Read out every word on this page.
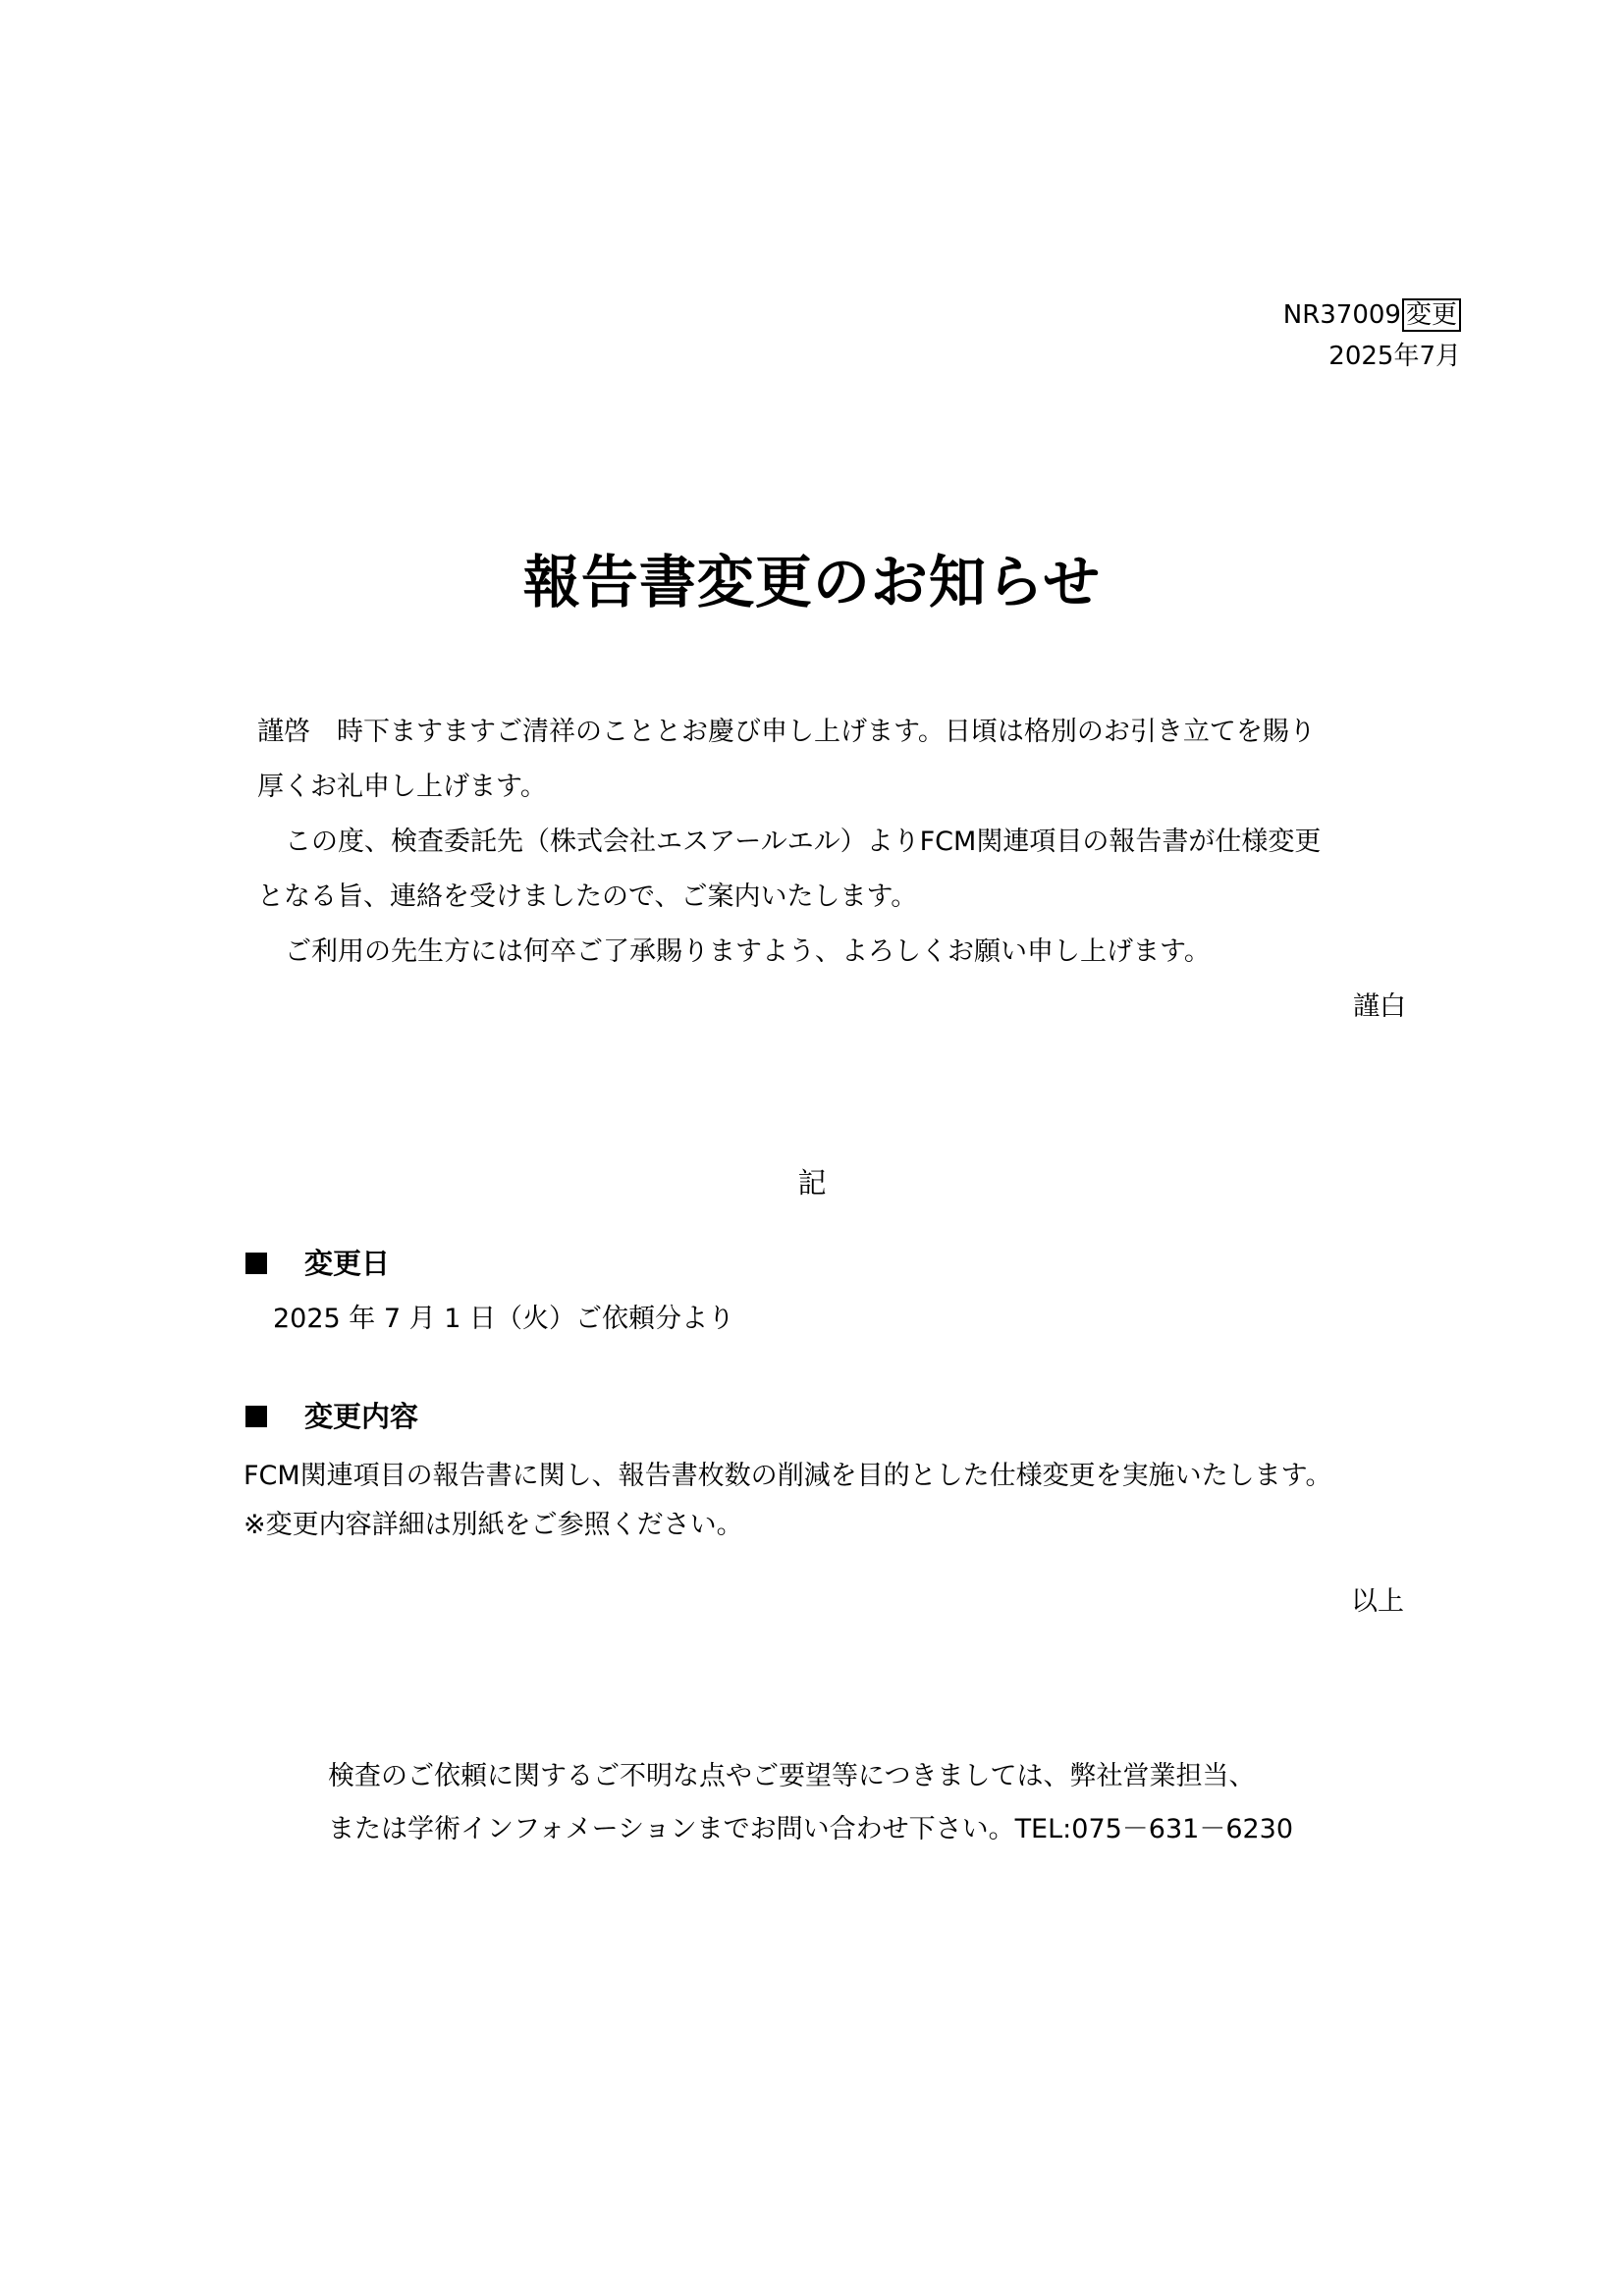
NR37009 変更
2025年7月
報告書変更のお知らせ
謹啓　時下ますますご清祥のこととお慶び申し上げます。日頃は格別のお引き立てを賜り
厚くお礼申し上げます。
この度、検査委託先（株式会社エスアールエル）よりFCM関連項目の報告書が仕様変更
となる旨、連絡を受けましたので、ご案内いたします。
ご利用の先生方には何卒ご了承賜りますよう、よろしくお願い申し上げます。
謹白
記
変更日
2025 年 7 月 1 日（火）ご依頼分より
変更内容
FCM関連項目の報告書に関し、報告書枚数の削減を目的とした仕様変更を実施いたします。
※変更内容詳細は別紙をご参照ください。
以上
検査のご依頼に関するご不明な点やご要望等につきましては、弊社営業担当、
または学術インフォメーションまでお問い合わせ下さい。TEL:075－631－6230
